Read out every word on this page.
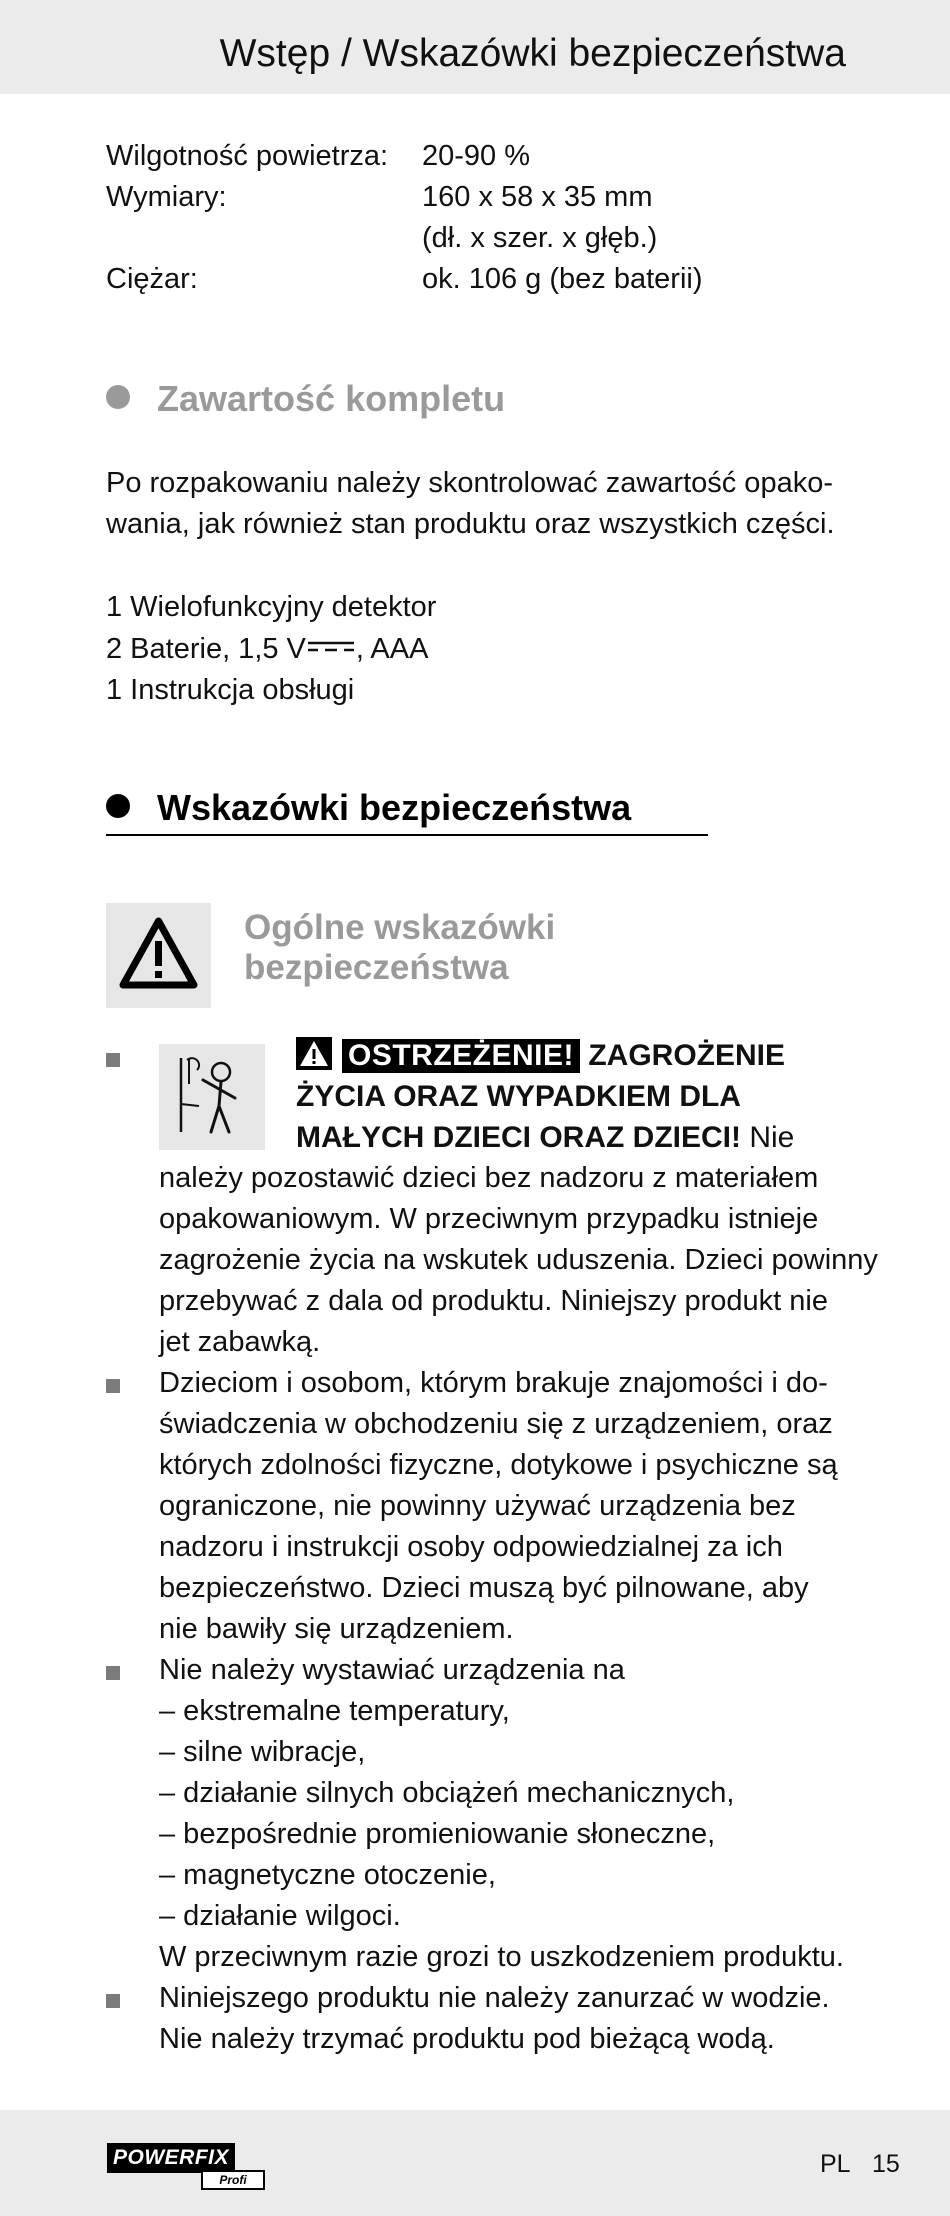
Wstęp / Wskazówki bezpieczeństwa
Wilgotność powietrza: 20-90 %
Wymiary:	160 x 58 x 35 mm
(dł. x szer. x głęb.)
Ciężar:	ok. 106 g (bez baterii)
Zawartość kompletu
Po rozpakowaniu należy skontrolować zawartość opako-
wania, jak również stan produktu oraz wszystkich części.
1 Wielofunkcyjny detektor
2 Baterie, 1,5 V , AAA
1 Instrukcja obsługi
Wskazówki bezpieczeństwa
Ogólne wskazówki
bezpieczeństwa
OSTRZEŻENIE! ZAGROŻENIE
ŻYCIA ORAZ WYPADKIEM DLA
MAŁYCH DZIECI ORAZ DZIECI! Nie
należy pozostawić dzieci bez nadzoru z materiałem
opakowaniowym. W przeciwnym przypadku istnieje
zagrożenie życia na wskutek uduszenia. Dzieci powinny
przebywać z dala od produktu. Niniejszy produkt nie
jet zabawką.
Dzieciom i osobom, którym brakuje znajomości i do-
świadczenia w obchodzeniu się z urządzeniem, oraz
których zdolności fizyczne, dotykowe i psychiczne są
ograniczone, nie powinny używać urządzenia bez
nadzoru i instrukcji osoby odpowiedzialnej za ich
bezpieczeństwo. Dzieci muszą być pilnowane, aby
nie bawiły się urządzeniem.
Nie należy wystawiać urządzenia na
– ekstremalne temperatury,
– silne wibracje,
– działanie silnych obciążeń mechanicznych,
– bezpośrednie promieniowanie słoneczne,
– magnetyczne otoczenie,
– działanie wilgoci.
W przeciwnym razie grozi to uszkodzeniem produktu.
Niniejszego produktu nie należy zanurzać w wodzie.
Nie należy trzymać produktu pod bieżącą wodą.
POWERFIX
Profi
PL 15
